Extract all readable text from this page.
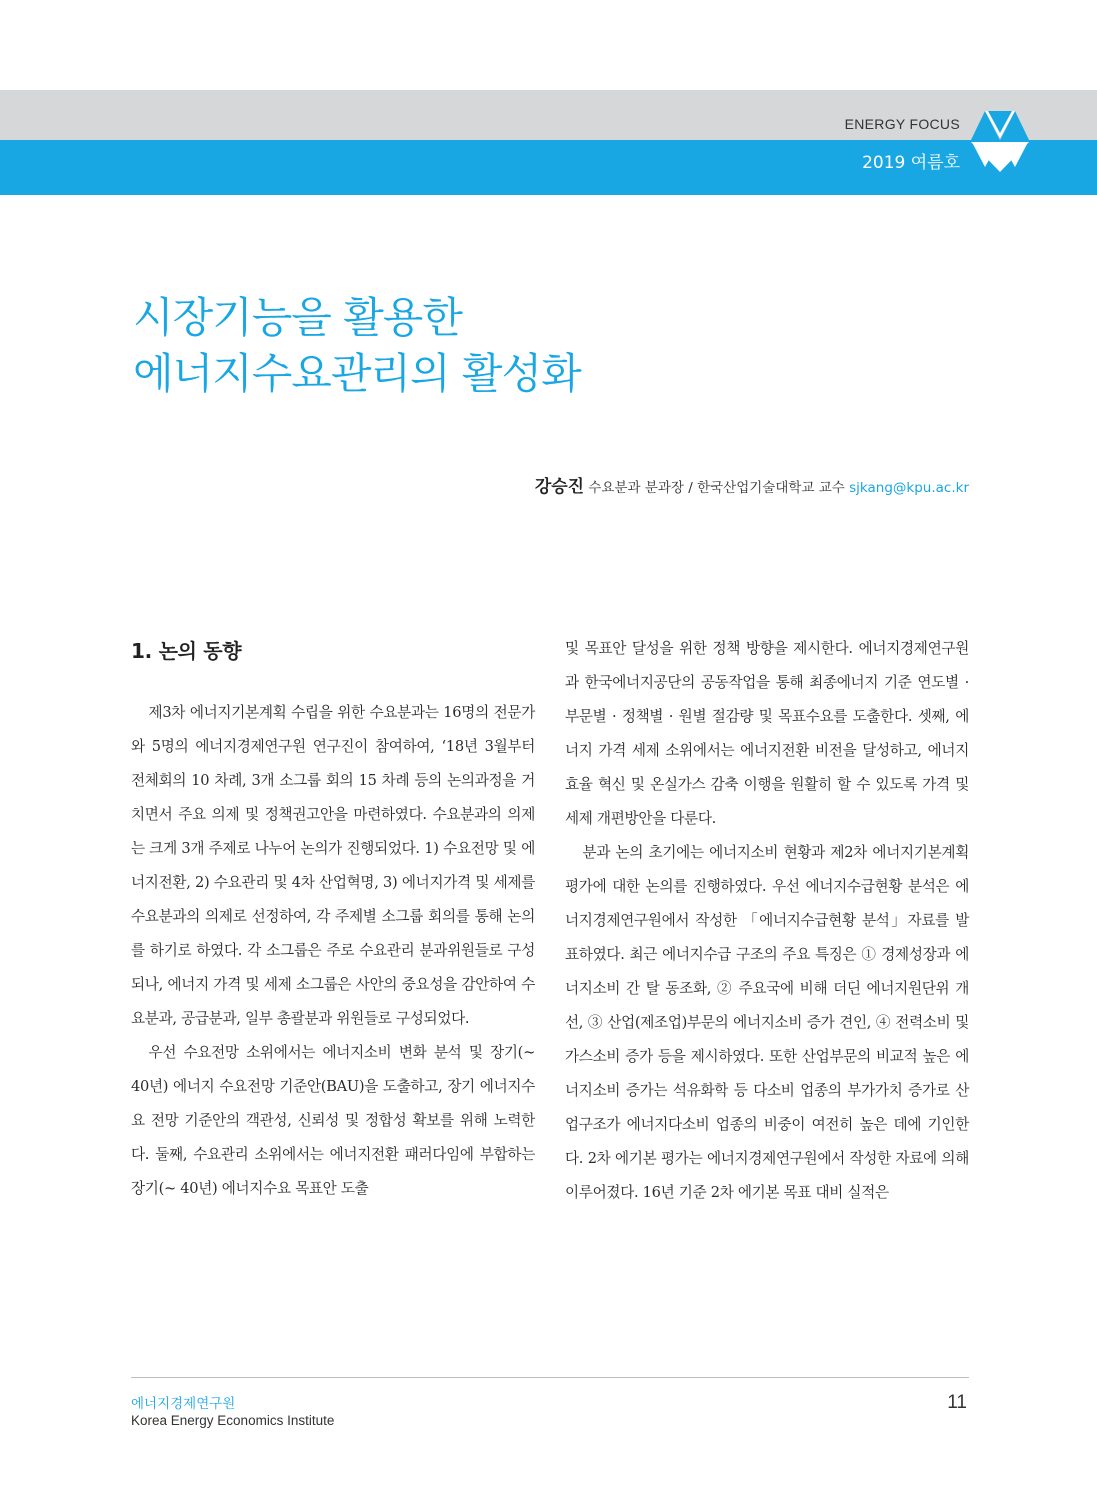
ENERGY FOCUS
2019 여름호
시장기능을 활용한
에너지수요관리의 활성화
강승진 수요분과 분과장 / 한국산업기술대학교 교수 sjkang@kpu.ac.kr
1. 논의 동향

제3차 에너지기본계획 수립을 위한 수요분과는 16명의 전문가와 5명의 에너지경제연구원 연구진이 참여하여, ‘18년 3월부터 전체회의 10 차례, 3개 소그룹 회의 15 차례 등의 논의과정을 거치면서 주요 의제 및 정책권고안을 마련하였다. 수요분과의 의제는 크게 3개 주제로 나누어 논의가 진행되었다. 1) 수요전망 및 에너지전환, 2) 수요관리 및 4차 산업혁명, 3) 에너지가격 및 세제를 수요분과의 의제로 선정하여, 각 주제별 소그룹 회의를 통해 논의를 하기로 하였다. 각 소그룹은 주로 수요관리 분과위원들로 구성되나, 에너지 가격 및 세제 소그룹은 사안의 중요성을 감안하여 수요분과, 공급분과, 일부 총괄분과 위원들로 구성되었다.

우선 수요전망 소위에서는 에너지소비 변화 분석 및 장기(~ 40년) 에너지 수요전망 기준안(BAU)을 도출하고, 장기 에너지수요 전망 기준안의 객관성, 신뢰성 및 정합성 확보를 위해 노력한다. 둘째, 수요관리 소위에서는 에너지전환 패러다임에 부합하는 장기(~ 40년) 에너지수요 목표안 도출

및 목표안 달성을 위한 정책 방향을 제시한다. 에너지경제연구원과 한국에너지공단의 공동작업을 통해 최종에너지 기준 연도별 · 부문별 · 정책별 · 원별 절감량 및 목표수요를 도출한다. 셋째, 에너지 가격 세제 소위에서는 에너지전환 비전을 달성하고, 에너지효율 혁신 및 온실가스 감축 이행을 원활히 할 수 있도록 가격 및 세제 개편방안을 다룬다.

분과 논의 초기에는 에너지소비 현황과 제2차 에너지기본계획 평가에 대한 논의를 진행하였다. 우선 에너지수급현황 분석은 에너지경제연구원에서 작성한 「에너지수급현황 분석」자료를 발표하였다. 최근 에너지수급 구조의 주요 특징은 ① 경제성장과 에너지소비 간 탈 동조화, ② 주요국에 비해 더딘 에너지원단위 개선, ③ 산업(제조업)부문의 에너지소비 증가 견인, ④ 전력소비 및 가스소비 증가 등을 제시하였다. 또한 산업부문의 비교적 높은 에너지소비 증가는 석유화학 등 다소비 업종의 부가가치 증가로 산업구조가 에너지다소비 업종의 비중이 여전히 높은 데에 기인한다. 2차 에기본 평가는 에너지경제연구원에서 작성한 자료에 의해 이루어졌다. 16년 기준 2차 에기본 목표 대비 실적은

에너지경제연구원
Korea Energy Economics Institute
11
